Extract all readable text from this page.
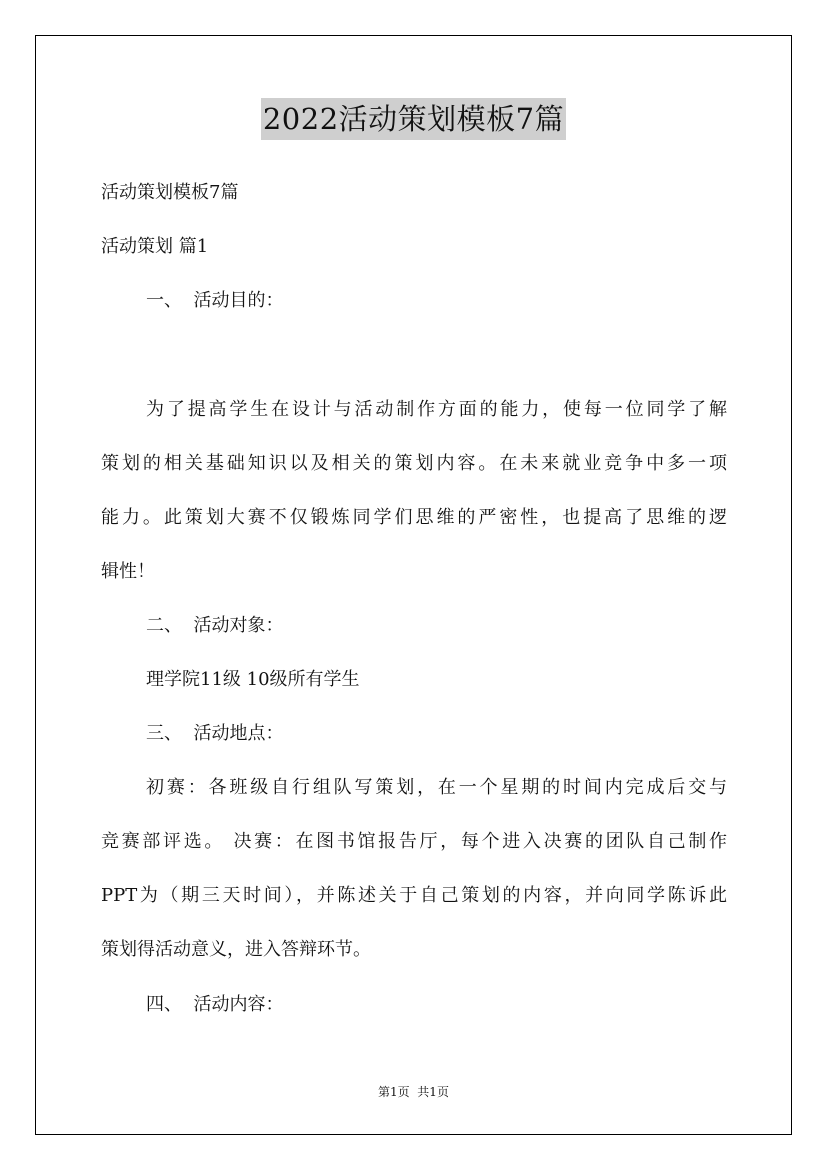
2022活动策划模板7篇
活动策划模板7篇
活动策划 篇1
一、  活动目的：
为了提高学生在设计与活动制作方面的能力，使每一位同学了解
策划的相关基础知识以及相关的策划内容。在未来就业竞争中多一项
能力。此策划大赛不仅锻炼同学们思维的严密性，也提高了思维的逻
辑性！
二、  活动对象：
理学院11级 10级所有学生
三、  活动地点：
初赛：各班级自行组队写策划，在一个星期的时间内完成后交与
竞赛部评选。 决赛：在图书馆报告厅，每个进入决赛的团队自己制作
PPT为（期三天时间），并陈述关于自己策划的内容，并向同学陈诉此
策划得活动意义，进入答辩环节。
四、  活动内容：
第1页  共1页
